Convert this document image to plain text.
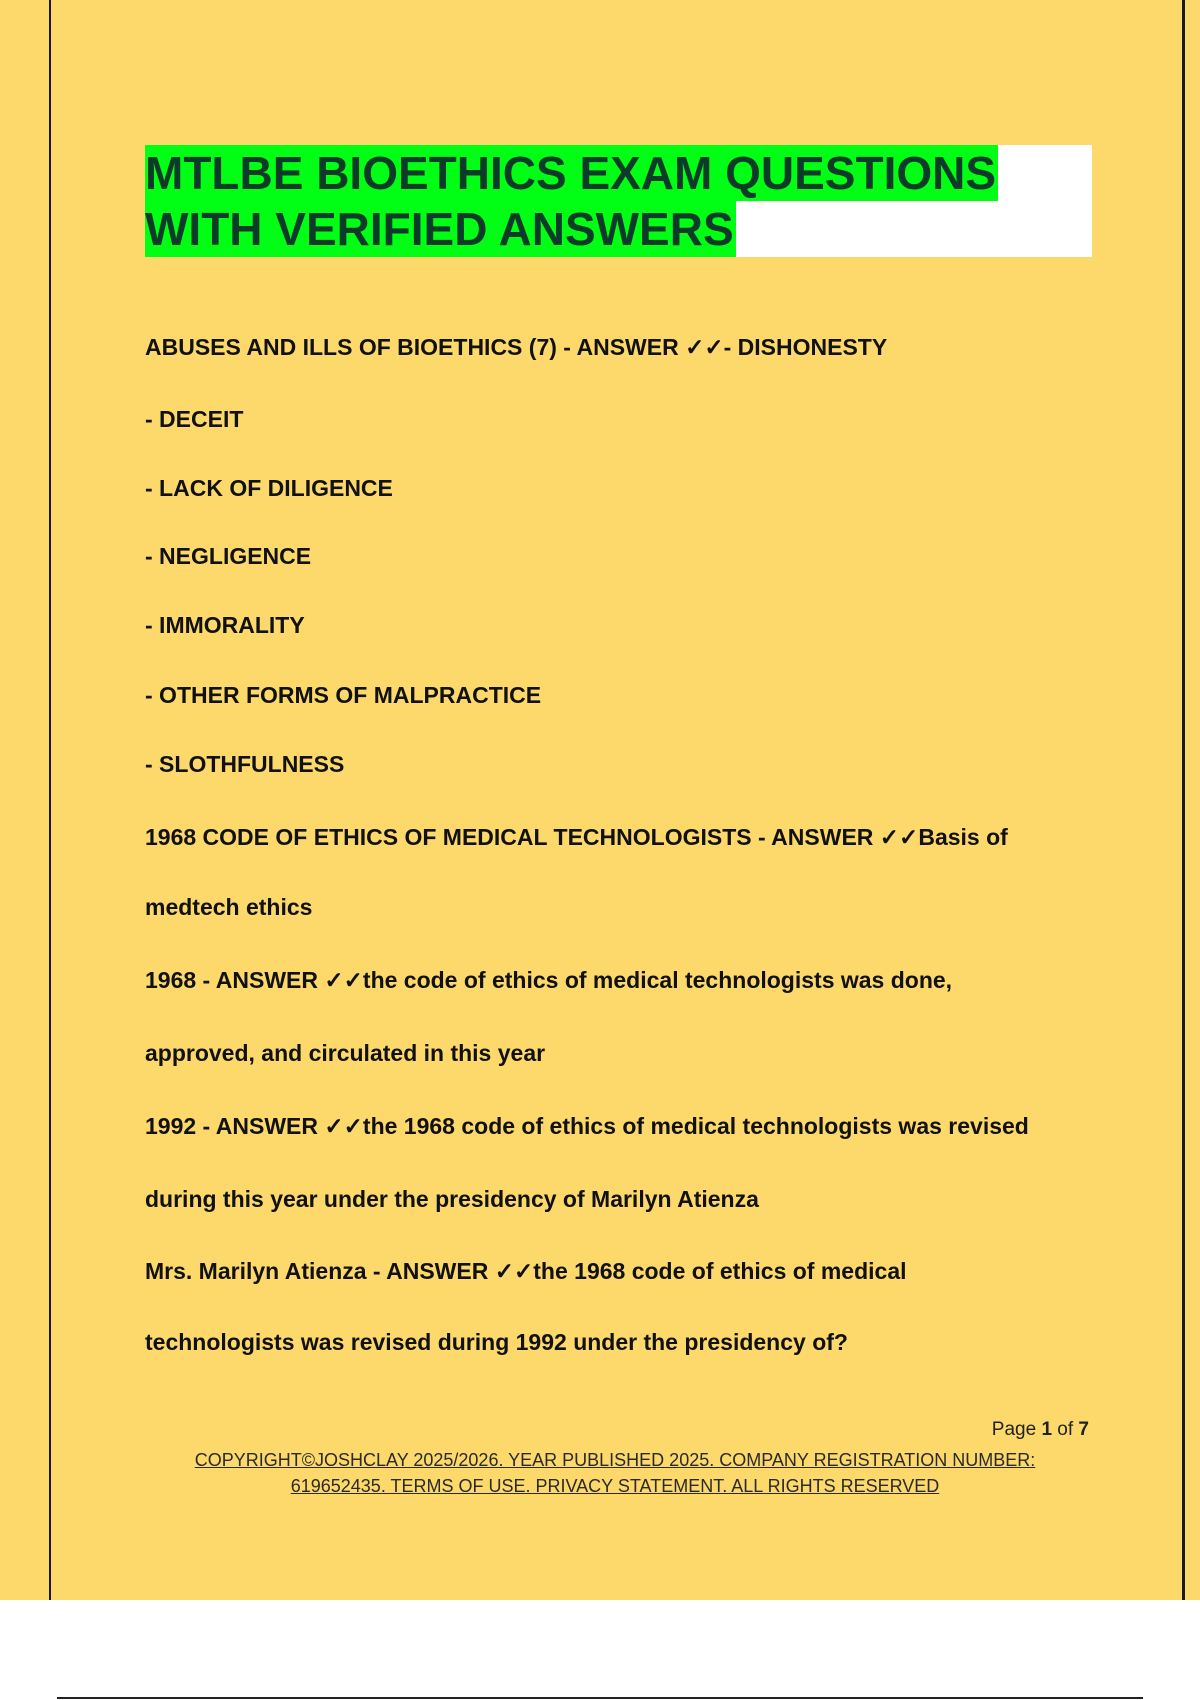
MTLBE BIOETHICS EXAM QUESTIONS
WITH VERIFIED ANSWERS
ABUSES AND ILLS OF BIOETHICS (7) - ANSWER ✓✓- DISHONESTY
- DECEIT
- LACK OF DILIGENCE
- NEGLIGENCE
- IMMORALITY
- OTHER FORMS OF MALPRACTICE
- SLOTHFULNESS
1968 CODE OF ETHICS OF MEDICAL TECHNOLOGISTS - ANSWER ✓✓Basis of
medtech ethics
1968 - ANSWER ✓✓the code of ethics of medical technologists was done,
approved, and circulated in this year
1992 - ANSWER ✓✓the 1968 code of ethics of medical technologists was revised
during this year under the presidency of Marilyn Atienza
Mrs. Marilyn Atienza - ANSWER ✓✓the 1968 code of ethics of medical
technologists was revised during 1992 under the presidency of?
Page 1 of 7
COPYRIGHT©JOSHCLAY 2025/2026. YEAR PUBLISHED 2025. COMPANY REGISTRATION NUMBER:
619652435. TERMS OF USE. PRIVACY STATEMENT. ALL RIGHTS RESERVED
